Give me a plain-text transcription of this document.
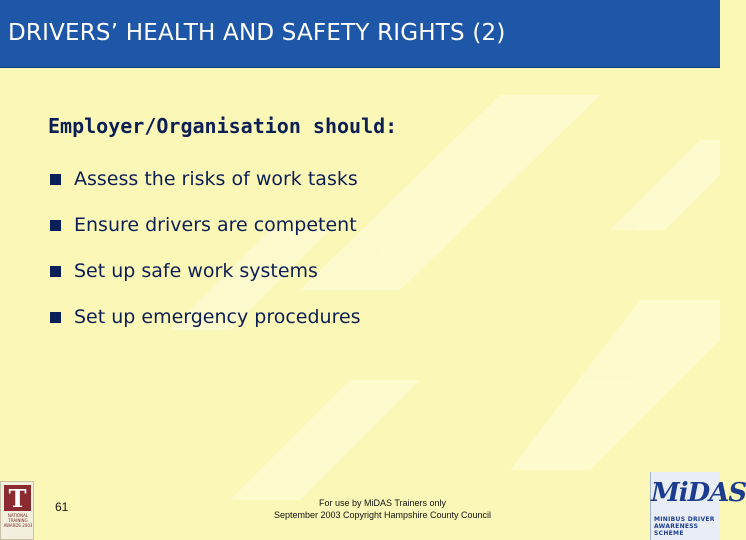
DRIVERS’ HEALTH AND SAFETY RIGHTS (2)
Employer/Organisation should:
Assess the risks of work tasks
Ensure drivers are competent
Set up safe work systems
Set up emergency procedures
T
NATIONAL TRAINING AWARDS 2003
61	For use by MiDAS Trainers only
September 2003 Copyright Hampshire County Council
MiDAS
MINIBUS DRIVER AWARENESS SCHEME
